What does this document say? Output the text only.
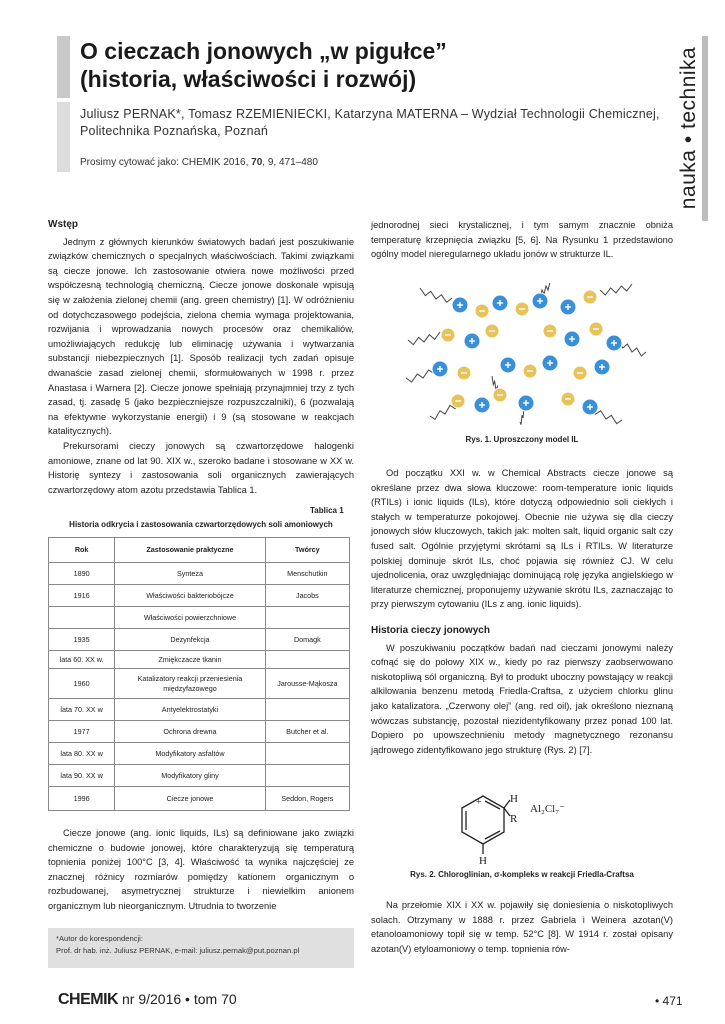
nauka • technika
O cieczach jonowych „w pigułce”
(historia, właściwości i rozwój)
Juliusz PERNAK*, Tomasz RZEMIENIECKI, Katarzyna MATERNA – Wydział Technologii Chemicznej, Politechnika Poznańska, Poznań
Prosimy cytować jako: CHEMIK 2016, 70, 9, 471–480
Wstęp

Jednym z głównych kierunków światowych badań jest poszukiwanie związków chemicznych o specjalnych właściwościach. Takimi związkami są ciecze jonowe. Ich zastosowanie otwiera nowe możliwości przed współczesną technologią chemiczną. Ciecze jonowe doskonale wpisują się w założenia zielonej chemii (ang. green chemistry) [1]. W odróżnieniu od dotychczasowego podejścia, zielona chemia wymaga projektowania, rozwijania i wprowadzania nowych procesów oraz chemikaliów, umożliwiających redukcję lub eliminację używania i wytwarzania substancji niebezpiecznych [1]. Sposób realizacji tych zadań opisuje dwanaście zasad zielonej chemii, sformułowanych w 1998 r. przez Anastasa i Warnera [2]. Ciecze jonowe spełniają przynajmniej trzy z tych zasad, tj. zasadę 5 (jako bezpieczniejsze rozpuszczalniki), 6 (pozwalają na efektywne wykorzystanie energii) i 9 (są stosowane w reakcjach katalitycznych).

Prekursorami cieczy jonowych są czwartorzędowe halogenki amoniowe, znane od lat 90. XIX w., szeroko badane i stosowane w XX w. Historię syntezy i zastosowania soli organicznych zawierających czwartorzędowy atom azotu przedstawia Tablica 1.

Tablica 1
Historia odkrycia i zastosowania czwartorzędowych soli amoniowych
Rok	Zastosowanie praktyczne	Twórcy
1890	Synteza	Menschutkin
1916	Właściwości bakteriobójcze	Jacobs
	Właściwości powierzchniowe	
1935	Dezynfekcja	Domagk
lata 60. XX w.	Zmiękczacze tkanin	
1960	Katalizatory reakcji przeniesienia międzyfazowego	Jarousse-Mąkosza
lata 70. XX w	Antyelektrostatyki	
1977	Ochrona drewna	Butcher et al.
lata 80. XX w	Modyfikatory asfaltów	
lata 90. XX w	Modyfikatory gliny	
1996	Ciecze jonowe	Seddon, Rogers

Ciecze jonowe (ang. ionic liquids, ILs) są definiowane jako związki chemiczne o budowie jonowej, które charakteryzują się temperaturą topnienia poniżej 100°C [3, 4]. Właściwość ta wynika najczęściej ze znacznej różnicy rozmiarów pomiędzy kationem organicznym o rozbudowanej, asymetrycznej strukturze i niewielkim anionem organicznym lub nieorganicznym. Utrudnia to tworzenie

*Autor do korespondencji:
Prof. dr hab. inż. Juliusz PERNAK, e-mail: juliusz.pernak@put.poznan.pl

jednorodnej sieci krystalicznej, i tym samym znacznie obniża temperaturę krzepnięcia związku [5, 6]. Na Rysunku 1 przedstawiono ogólny model nieregularnego układu jonów w strukturze IL.

Rys. 1. Uproszczony model IL

Od początku XXI w. w Chemical Abstracts ciecze jonowe są określane przez dwa słowa kluczowe: room-temperature ionic liquids (RTILs) i ionic liquids (ILs), które dotyczą odpowiednio soli ciekłych i stałych w temperaturze pokojowej. Obecnie nie używa się dla cieczy jonowych słów kluczowych, takich jak: molten salt, liquid organic salt czy fused salt. Ogólnie przyjętymi skrótami są ILs i RTILs. W literaturze polskiej dominuje skrót ILs, choć pojawia się również CJ. W celu ujednolicenia, oraz uwzględniając dominującą rolę języka angielskiego w literaturze chemicznej, proponujemy używanie skrótu ILs, zaznaczając to przy pierwszym cytowaniu (ILs z ang. ionic liquids).

Historia cieczy jonowych

W poszukiwaniu początków badań nad cieczami jonowymi należy cofnąć się do połowy XIX w., kiedy po raz pierwszy zaobserwowano niskotopliwą sól organiczną. Był to produkt uboczny powstający w reakcji alkilowania benzenu metodą Friedla-Craftsa, z użyciem chlorku glinu jako katalizatora. „Czerwony olej” (ang. red oil), jak określono nieznaną wówczas substancję, pozostał niezidentyfikowany przez ponad 100 lat. Dopiero po upowszechnieniu metody magnetycznego rezonansu jądrowego zidentyfikowano jego strukturę (Rys. 2) [7].

+	H
R
H
Al₂Cl₇⁻
Rys. 2. Chloroglinian, σ-kompleks w reakcji Friedla-Craftsa

Na przełomie XIX i XX w. pojawiły się doniesienia o niskotopliwych solach. Otrzymany w 1888 r. przez Gabriela i Weinera azotan(V) etanoloamoniowy topił się w temp. 52°C [8]. W 1914 r. został opisany azotan(V) etyloamoniowy o temp. topnienia rów-

CHEMIK nr 9/2016 • tom 70	• 471
